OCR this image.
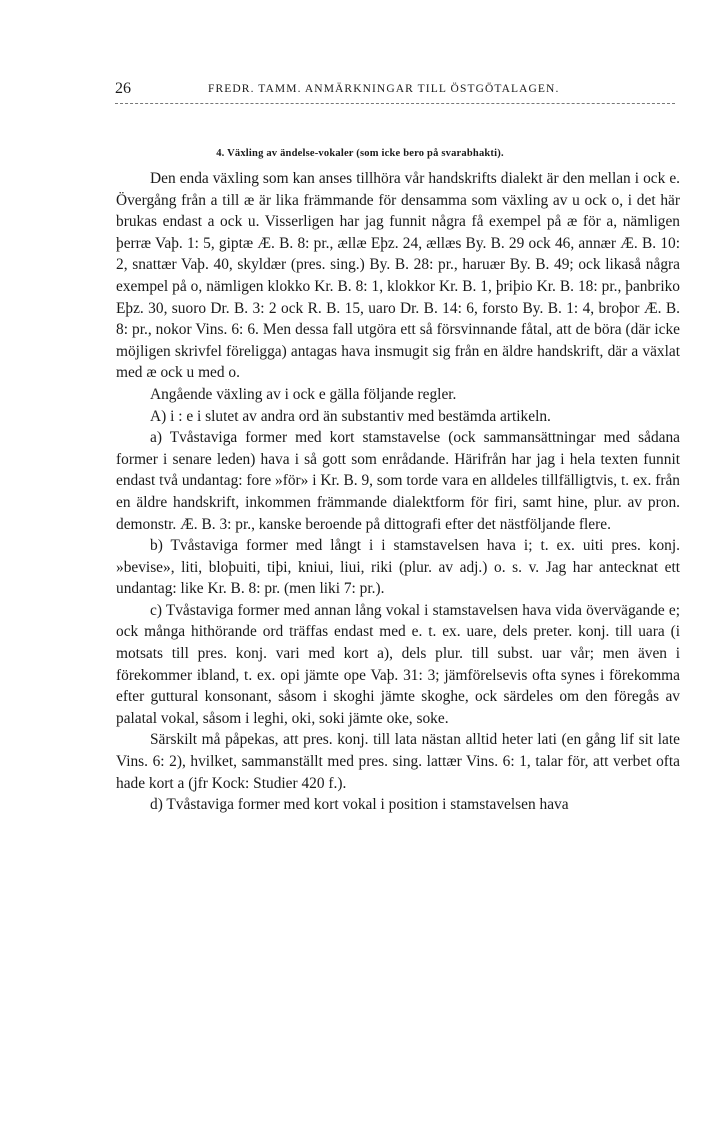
26	FREDR. TAMM. ANMÄRKNINGAR TILL ÖSTGÖTALAGEN.
4. Växling av ändelse-vokaler (som icke bero på svarabhakti).

Den enda växling som kan anses tillhöra vår handskrifts dialekt är den mellan i ock e. Övergång från a till æ är lika främmande för densamma som växling av u ock o, i det här brukas endast a ock u. Visserligen har jag funnit några få exempel på æ för a, nämligen þerræ Vaþ. 1: 5, giptæ Æ. B. 8: pr., ællæ Eþz. 24, ællæs By. B. 29 ock 46, annær Æ. B. 10: 2, snattær Vaþ. 40, skyldær (pres. sing.) By. B. 28: pr., haruær By. B. 49; ock likaså några exempel på o, nämligen klokko Kr. B. 8: 1, klokkor Kr. B. 1, þriþio Kr. B. 18: pr., þanbriko Eþz. 30, suoro Dr. B. 3: 2 ock R. B. 15, uaro Dr. B. 14: 6, forsto By. B. 1: 4, broþor Æ. B. 8: pr., nokor Vins. 6: 6. Men dessa fall utgöra ett så försvinnande fåtal, att de böra (där icke möjligen skrivfel föreligga) antagas hava insmugit sig från en äldre handskrift, där a växlat med æ ock u med o.

Angående växling av i ock e gälla följande regler.

A) i : e i slutet av andra ord än substantiv med bestämda artikeln.

a) Tvåstaviga former med kort stamstavelse (ock sammansättningar med sådana former i senare leden) hava i så gott som enrådande. Härifrån har jag i hela texten funnit endast två undantag: fore »för» i Kr. B. 9, som torde vara en alldeles tillfälligtvis, t. ex. från en äldre handskrift, inkommen främmande dialektform för firi, samt hine, plur. av pron. demonstr. Æ. B. 3: pr., kanske beroende på dittografi efter det nästföljande flere.

b) Tvåstaviga former med långt i i stamstavelsen hava i; t. ex. uiti pres. konj. »bevise», liti, bloþuiti, tiþi, kniui, liui, riki (plur. av adj.) o. s. v. Jag har antecknat ett undantag: like Kr. B. 8: pr. (men liki 7: pr.).

c) Tvåstaviga former med annan lång vokal i stamstavelsen hava vida övervägande e; ock många hithörande ord träffas endast med e. t. ex. uare, dels preter. konj. till uara (i motsats till pres. konj. vari med kort a), dels plur. till subst. uar vår; men även i förekommer ibland, t. ex. opi jämte ope Vaþ. 31: 3; jämförelsevis ofta synes i förekomma efter guttural konsonant, såsom i skoghi jämte skoghe, ock särdeles om den föregås av palatal vokal, såsom i leghi, oki, soki jämte oke, soke.

Särskilt må påpekas, att pres. konj. till lata nästan alltid heter lati (en gång lif sit late Vins. 6: 2), hvilket, sammanställt med pres. sing. lattær Vins. 6: 1, talar för, att verbet ofta hade kort a (jfr Kock: Studier 420 f.).

d) Tvåstaviga former med kort vokal i position i stamstavelsen hava
